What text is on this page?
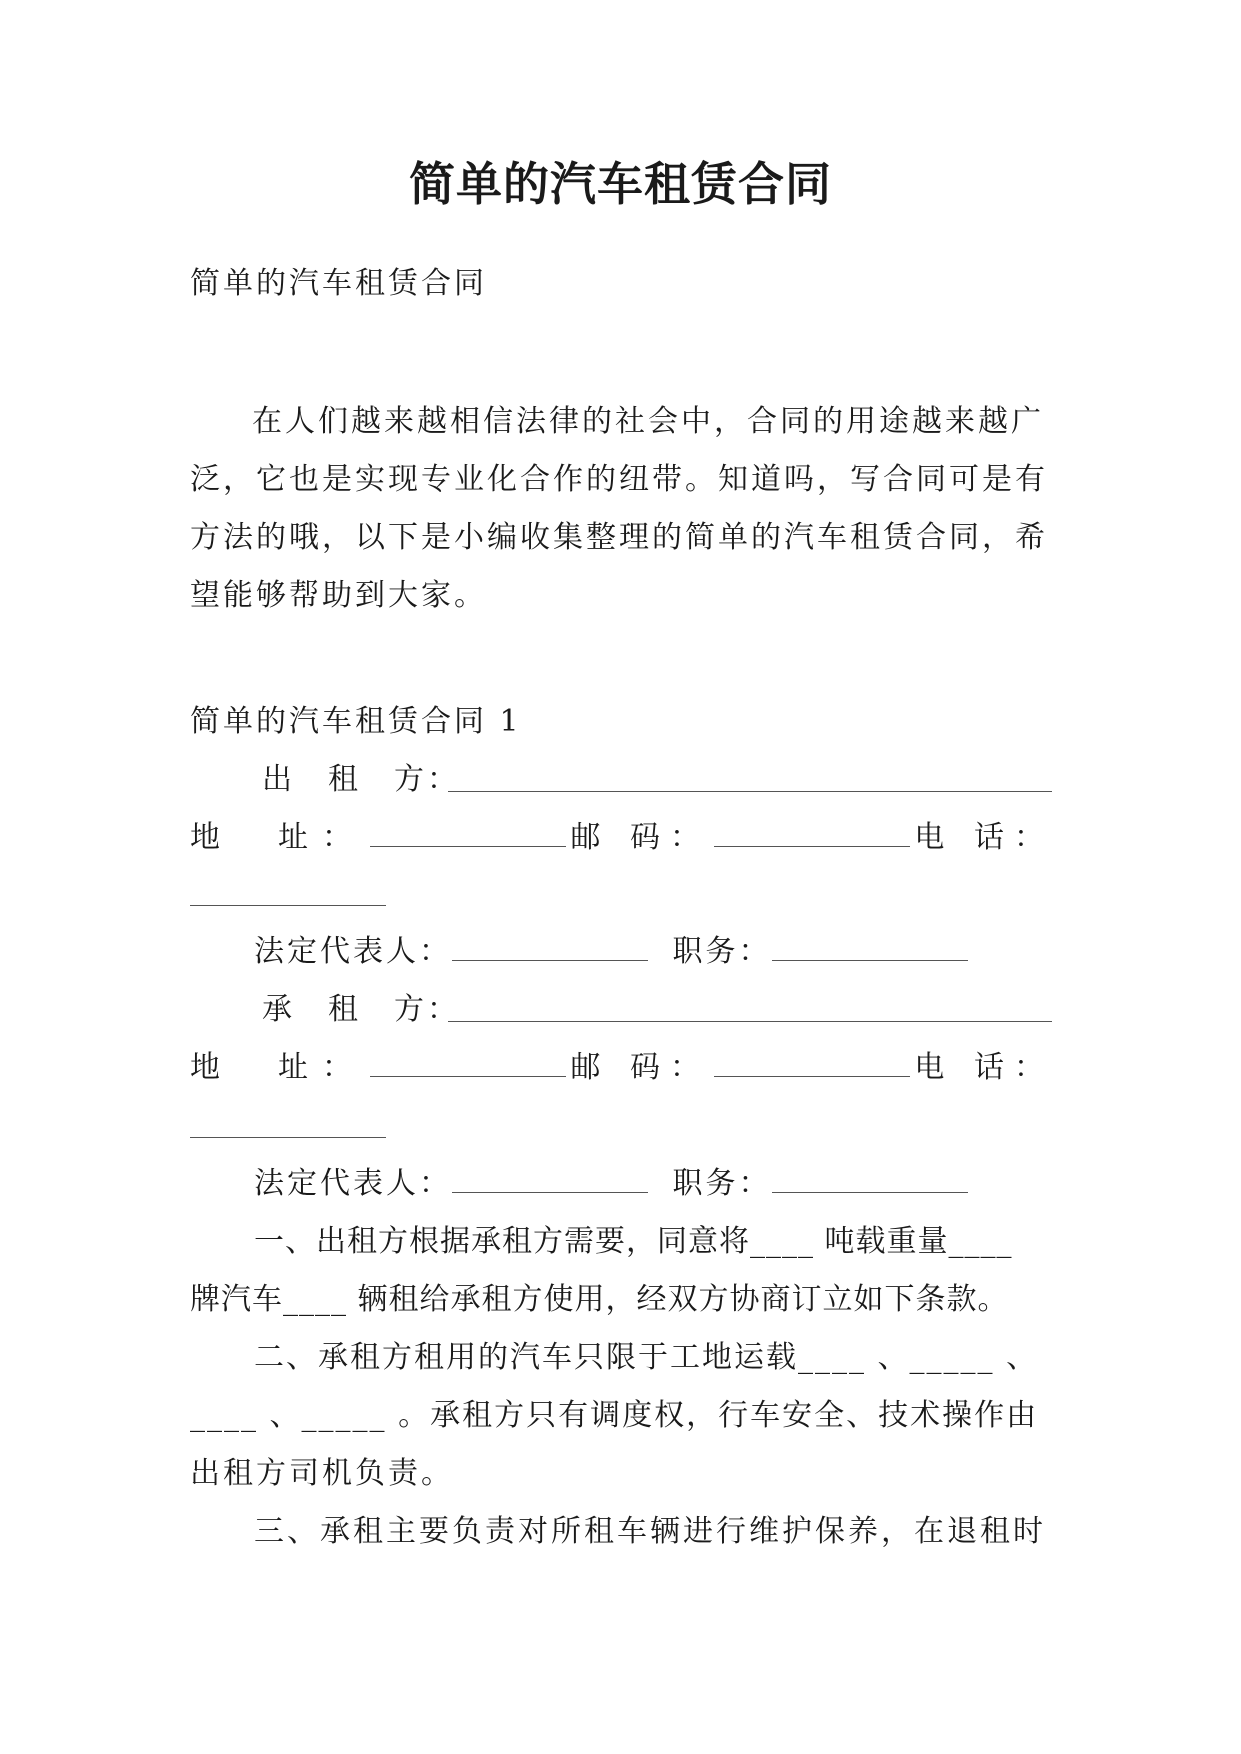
简单的汽车租赁合同
简单的汽车租赁合同
在人们越来越相信法律的社会中，合同的用途越来越广
泛，它也是实现专业化合作的纽带。知道吗，写合同可是有
方法的哦，以下是小编收集整理的简单的汽车租赁合同，希
望能够帮助到大家。
简单的汽车租赁合同 1
出　租　方：
地　址：	邮 码：	电 话：
法定代表人：	职务：
承　租　方：
地　址：	邮 码：	电 话：
法定代表人：	职务：
一、出租方根据承租方需要，同意将____ 吨载重量____
牌汽车____ 辆租给承租方使用，经双方协商订立如下条款。
二、承租方租用的汽车只限于工地运载____ 、_____ 、
____ 、_____ 。承租方只有调度权，行车安全、技术操作由
出租方司机负责。
三、承租主要负责对所租车辆进行维护保养，在退租时
